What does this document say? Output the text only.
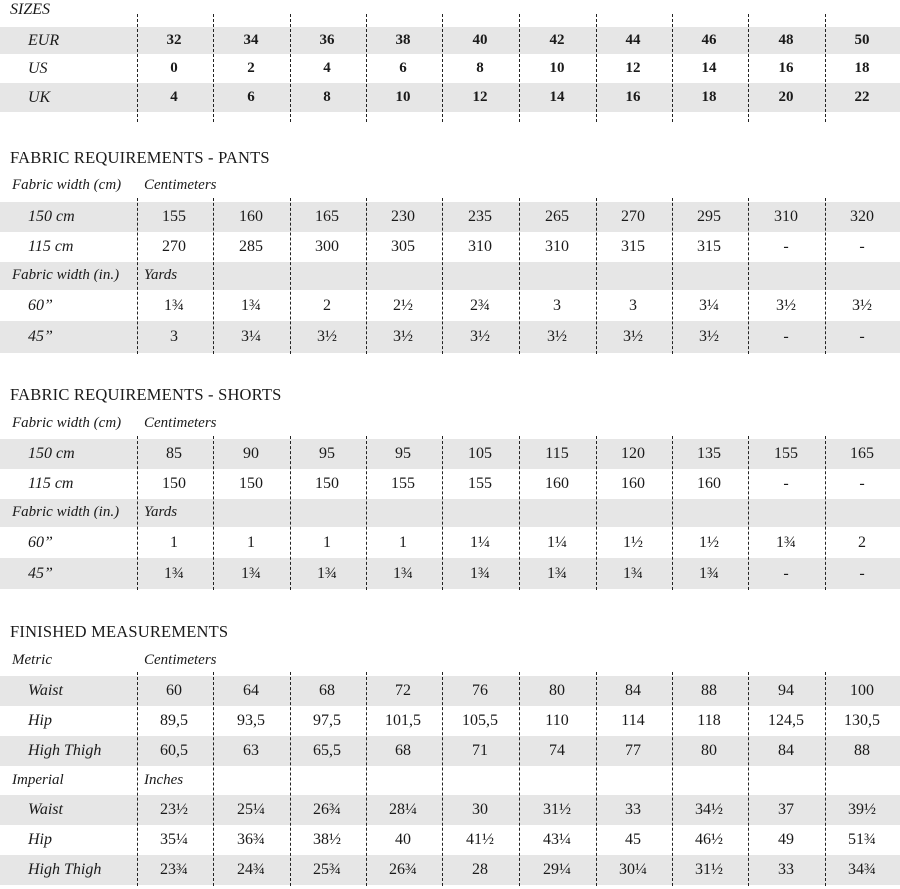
SIZES
EUR	32	34	36	38	40	42	44	46	48	50
US	0	2	4	6	8	10	12	14	16	18
UK	4	6	8	10	12	14	16	18	20	22
FABRIC REQUIREMENTS - PANTS
Fabric width (cm) Centimeters
150 cm	155	160	165	230	235	265	270	295	310	320
115 cm	270	285	300	305	310	310	315	315	-	-
Fabric width (in.) Yards
60”	1¾	1¾	2	2½	2¾	3	3	3¼	3½	3½
45”	3	3¼	3½	3½	3½	3½	3½	3½	-	-
FABRIC REQUIREMENTS - SHORTS
Fabric width (cm) Centimeters
150 cm	85	90	95	95	105	115	120	135	155	165
115 cm	150	150	150	155	155	160	160	160	-	-
Fabric width (in.) Yards
60”	1	1	1	1	1¼	1¼	1½	1½	1¾	2
45”	1¾	1¾	1¾	1¾	1¾	1¾	1¾	1¾	-	-
FINISHED MEASUREMENTS
Metric	Centimeters
Waist	60	64	68	72	76	80	84	88	94	100
Hip	89,5	93,5	97,5	101,5	105,5	110	114	118	124,5	130,5
High Thigh	60,5	63	65,5	68	71	74	77	80	84	88
Imperial	Inches
Waist	23½	25¼	26¾	28¼	30	31½	33	34½	37	39½
Hip	35¼	36¾	38½	40	41½	43¼	45	46½	49	51¾
High Thigh	23¾	24¾	25¾	26¾	28	29¼	30¼	31½	33	34¾
